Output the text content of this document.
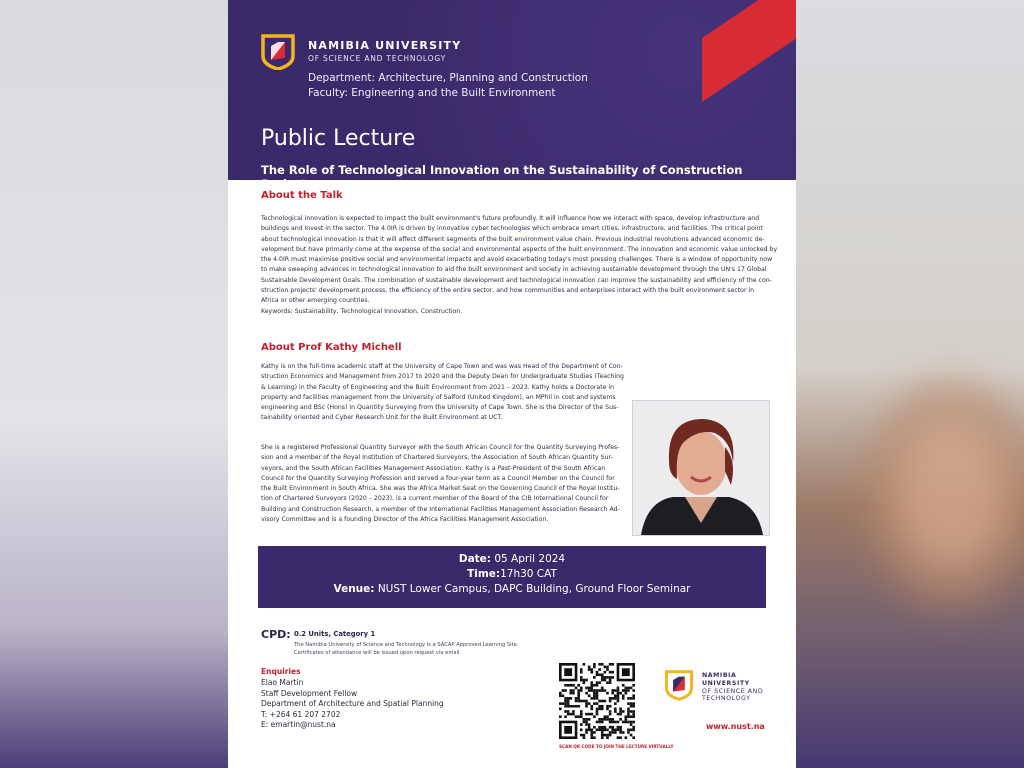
NAMIBIA UNIVERSITY
OF SCIENCE AND TECHNOLOGY
Department: Architecture, Planning and Construction
Faculty: Engineering and the Built Environment
Public Lecture
The Role of Technological Innovation on the Sustainability of Construction Projects
About the Talk

Technological innovation is expected to impact the built environment's future profoundly. It will influence how we interact with space, develop infrastructure and

buildings and invest in the sector. The 4.0IR is driven by innovative cyber technologies which embrace smart cities, infrastructure, and facilities. The critical point

about technological innovation is that it will affect different segments of the built environment value chain. Previous industrial revolutions advanced economic de-

velopment but have primarily come at the expense of the social and environmental aspects of the built environment. The innovation and economic value unlocked by

the 4.0IR must maximise positive social and environmental impacts and avoid exacerbating today's most pressing challenges. There is a window of opportunity now

to make sweeping advances in technological innovation to aid the built environment and society in achieving sustainable development through the UN's 17 Global

Sustainable Development Goals. The combination of sustainable development and technological innovation can improve the sustainability and efficiency of the con-

struction projects' development process, the efficiency of the entire sector, and how communities and enterprises interact with the built environment sector in

Africa or other emerging countries.

Keywords: Sustainability, Technological Innovation, Construction.

About Prof Kathy Michell

Kathy is on the full-time academic staff at the University of Cape Town and was was Head of the Department of Con-

struction Economics and Management from 2017 to 2020 and the Deputy Dean for Undergraduate Studies (Teaching

& Learning) in the Faculty of Engineering and the Built Environment from 2021 – 2023. Kathy holds a Doctorate in

property and facilities management from the University of Salford (United Kingdom), an MPhil in cost and systems

engineering and BSc (Hons) in Quantity Surveying from the University of Cape Town. She is the Director of the Sus-

tainability oriented and Cyber Research Unit for the Built Environment at UCT.

She is a registered Professional Quantity Surveyor with the South African Council for the Quantity Surveying Profes-

sion and a member of the Royal Institution of Chartered Surveyors, the Association of South African Quantity Sur-

veyors, and the South African Facilities Management Association. Kathy is a Past-President of the South African

Council for the Quantity Surveying Profession and served a four-year term as a Council Member on the Council for

the Built Environment in South Africa. She was the Africa Market Seat on the Governing Council of the Royal Institu-

tion of Chartered Surveyors (2020 – 2023), is a current member of the Board of the CIB International Council for

Building and Construction Research, a member of the International Facilities Management Association Research Ad-

visory Committee and is a founding Director of the Africa Facilities Management Association.

Date: 05 April 2024
Time:17h30 CAT
Venue: NUST Lower Campus, DAPC Building, Ground Floor Seminar
CPD: 0.2 Units, Category 1
The Namibia University of Science and Technology is a SACAP Approved Learning Site.
Certificates of attendance will be issued upon request via email.
Enquiries
Elao Martin
Staff Development Fellow
Department of Architecture and Spatial Planning
T: +264 61 207 2702
E: emartin@nust.na
SCAN QR CODE TO JOIN THE LECTURE VIRTUALLY
NAMIBIA
UNIVERSITY
OF SCIENCE AND
TECHNOLOGY
www.nust.na
